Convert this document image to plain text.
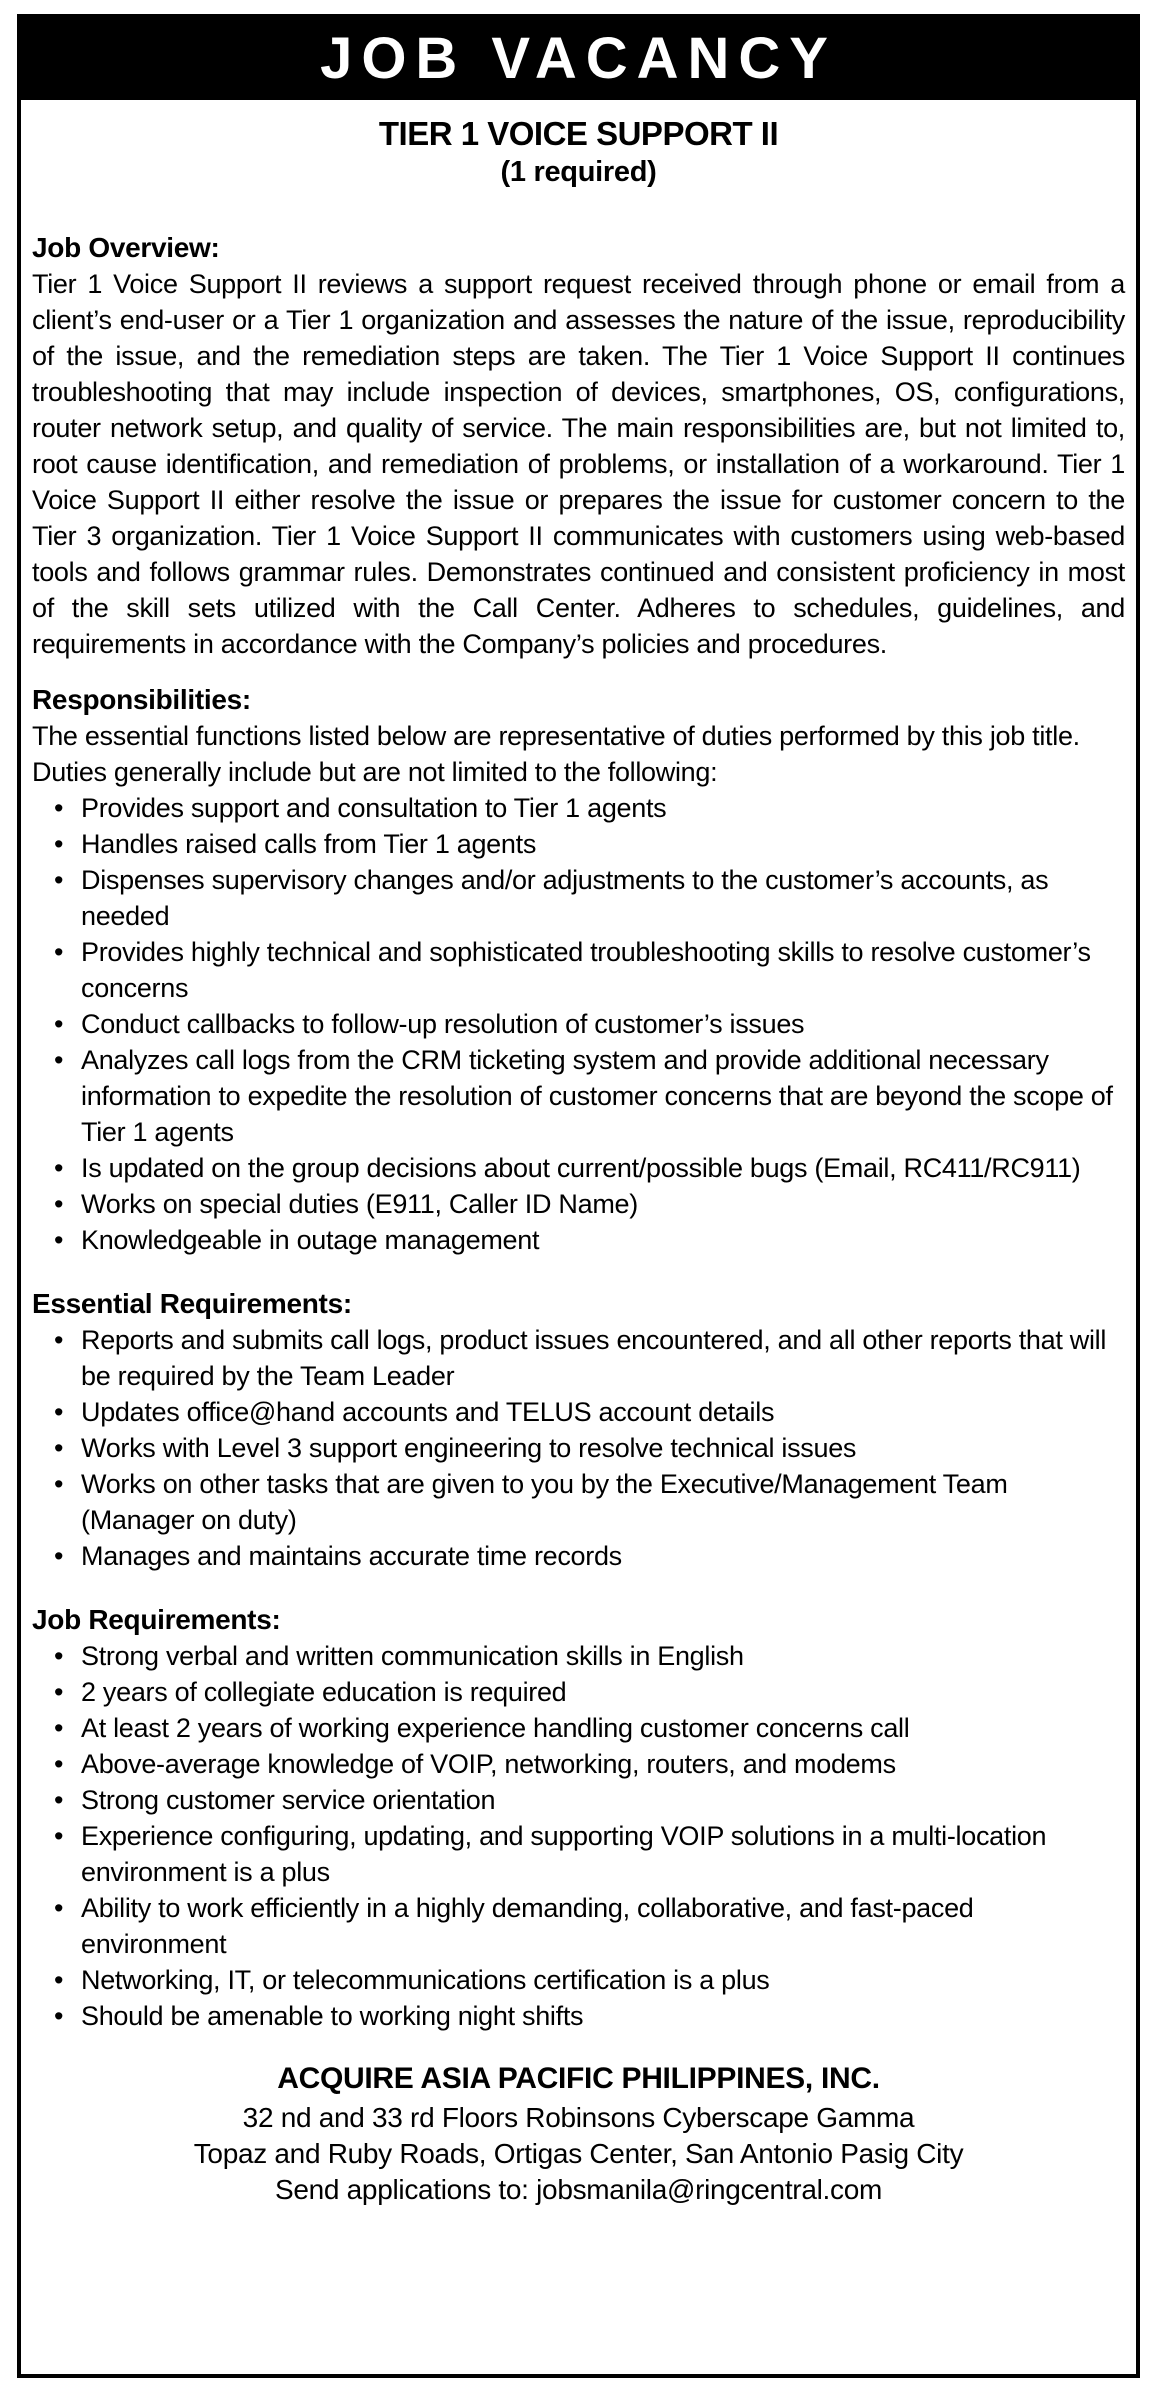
JOB VACANCY
TIER 1 VOICE SUPPORT II
(1 required)
Job Overview:

Tier 1 Voice Support II reviews a support request received through phone or email from a client’s end-user or a Tier 1 organization and assesses the nature of the issue, reproducibility of the issue, and the remediation steps are taken. The Tier 1 Voice Support II continues troubleshooting that may include inspection of devices, smartphones, OS, configurations, router network setup, and quality of service. The main responsibilities are, but not limited to, root cause identification, and remediation of problems, or installation of a workaround. Tier 1 Voice Support II either resolve the issue or prepares the issue for customer concern to the Tier 3 organization. Tier 1 Voice Support II communicates with customers using web-based tools and follows grammar rules. Demonstrates continued and consistent proficiency in most of the skill sets utilized with the Call Center. Adheres to schedules, guidelines, and requirements in accordance with the Company’s policies and procedures.

Responsibilities:

The essential functions listed below are representative of duties performed by this job title. Duties generally include but are not limited to the following:

• Provides support and consultation to Tier 1 agents
• Handles raised calls from Tier 1 agents
• Dispenses supervisory changes and/or adjustments to the customer’s accounts, as needed
• Provides highly technical and sophisticated troubleshooting skills to resolve customer’s concerns
• Conduct callbacks to follow-up resolution of customer’s issues
• Analyzes call logs from the CRM ticketing system and provide additional necessary information to expedite the resolution of customer concerns that are beyond the scope of Tier 1 agents
• Is updated on the group decisions about current/possible bugs (Email, RC411/RC911)
• Works on special duties (E911, Caller ID Name)
• Knowledgeable in outage management
Essential Requirements:
• Reports and submits call logs, product issues encountered, and all other reports that will be required by the Team Leader
• Updates office@hand accounts and TELUS account details
• Works with Level 3 support engineering to resolve technical issues
• Works on other tasks that are given to you by the Executive/Management Team (Manager on duty)
• Manages and maintains accurate time records
Job Requirements:
• Strong verbal and written communication skills in English
• 2 years of collegiate education is required
• At least 2 years of working experience handling customer concerns call
• Above-average knowledge of VOIP, networking, routers, and modems
• Strong customer service orientation
• Experience configuring, updating, and supporting VOIP solutions in a multi-location environment is a plus
• Ability to work efficiently in a highly demanding, collaborative, and fast-paced environment
• Networking, IT, or telecommunications certification is a plus
• Should be amenable to working night shifts
ACQUIRE ASIA PACIFIC PHILIPPINES, INC.
32 nd and 33 rd Floors Robinsons Cyberscape Gamma
Topaz and Ruby Roads, Ortigas Center, San Antonio Pasig City
Send applications to: jobsmanila@ringcentral.com
